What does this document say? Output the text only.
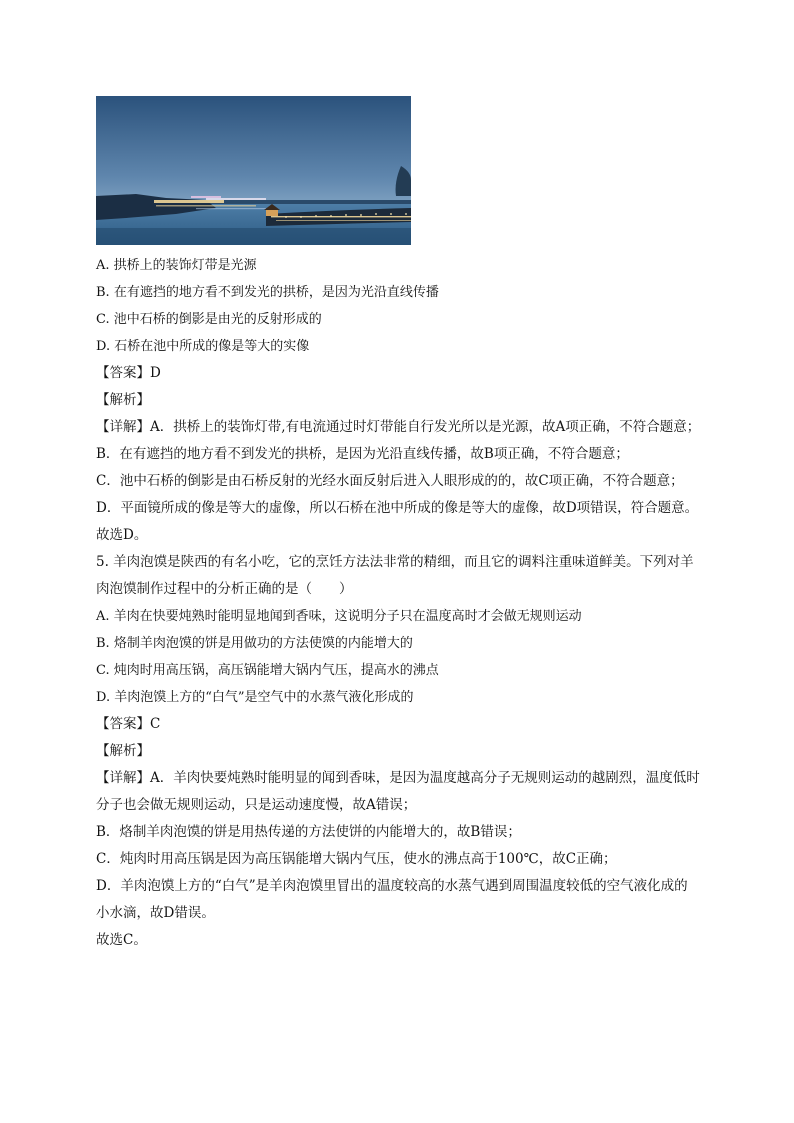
A. 拱桥上的装饰灯带是光源

B. 在有遮挡的地方看不到发光的拱桥，是因为光沿直线传播

C. 池中石桥的倒影是由光的反射形成的

D. 石桥在池中所成的像是等大的实像

【答案】D

【解析】

【详解】A．拱桥上的装饰灯带,有电流通过时灯带能自行发光所以是光源，故A项正确，不符合题意；

B．在有遮挡的地方看不到发光的拱桥，是因为光沿直线传播，故B项正确，不符合题意；

C．池中石桥的倒影是由石桥反射的光经水面反射后进入人眼形成的的，故C项正确，不符合题意；

D．平面镜所成的像是等大的虚像，所以石桥在池中所成的像是等大的虚像，故D项错误，符合题意。

故选D。

5. 羊肉泡馍是陕西的有名小吃，它的烹饪方法法非常的精细，而且它的调料注重味道鲜美。下列对羊肉泡馍制作过程中的分析正确的是（　　）

A. 羊肉在快要炖熟时能明显地闻到香味，这说明分子只在温度高时才会做无规则运动

B. 烙制羊肉泡馍的饼是用做功的方法使馍的内能增大的

C. 炖肉时用高压锅，高压锅能增大锅内气压，提高水的沸点

D. 羊肉泡馍上方的“白气”是空气中的水蒸气液化形成的

【答案】C

【解析】

【详解】A．羊肉快要炖熟时能明显的闻到香味，是因为温度越高分子无规则运动的越剧烈，温度低时分子也会做无规则运动，只是运动速度慢，故A错误；

B．烙制羊肉泡馍的饼是用热传递的方法使饼的内能增大的，故B错误；

C．炖肉时用高压锅是因为高压锅能增大锅内气压，使水的沸点高于100℃，故C正确；

D．羊肉泡馍上方的“白气”是羊肉泡馍里冒出的温度较高的水蒸气遇到周围温度较低的空气液化成的小水滴，故D错误。

故选C。
